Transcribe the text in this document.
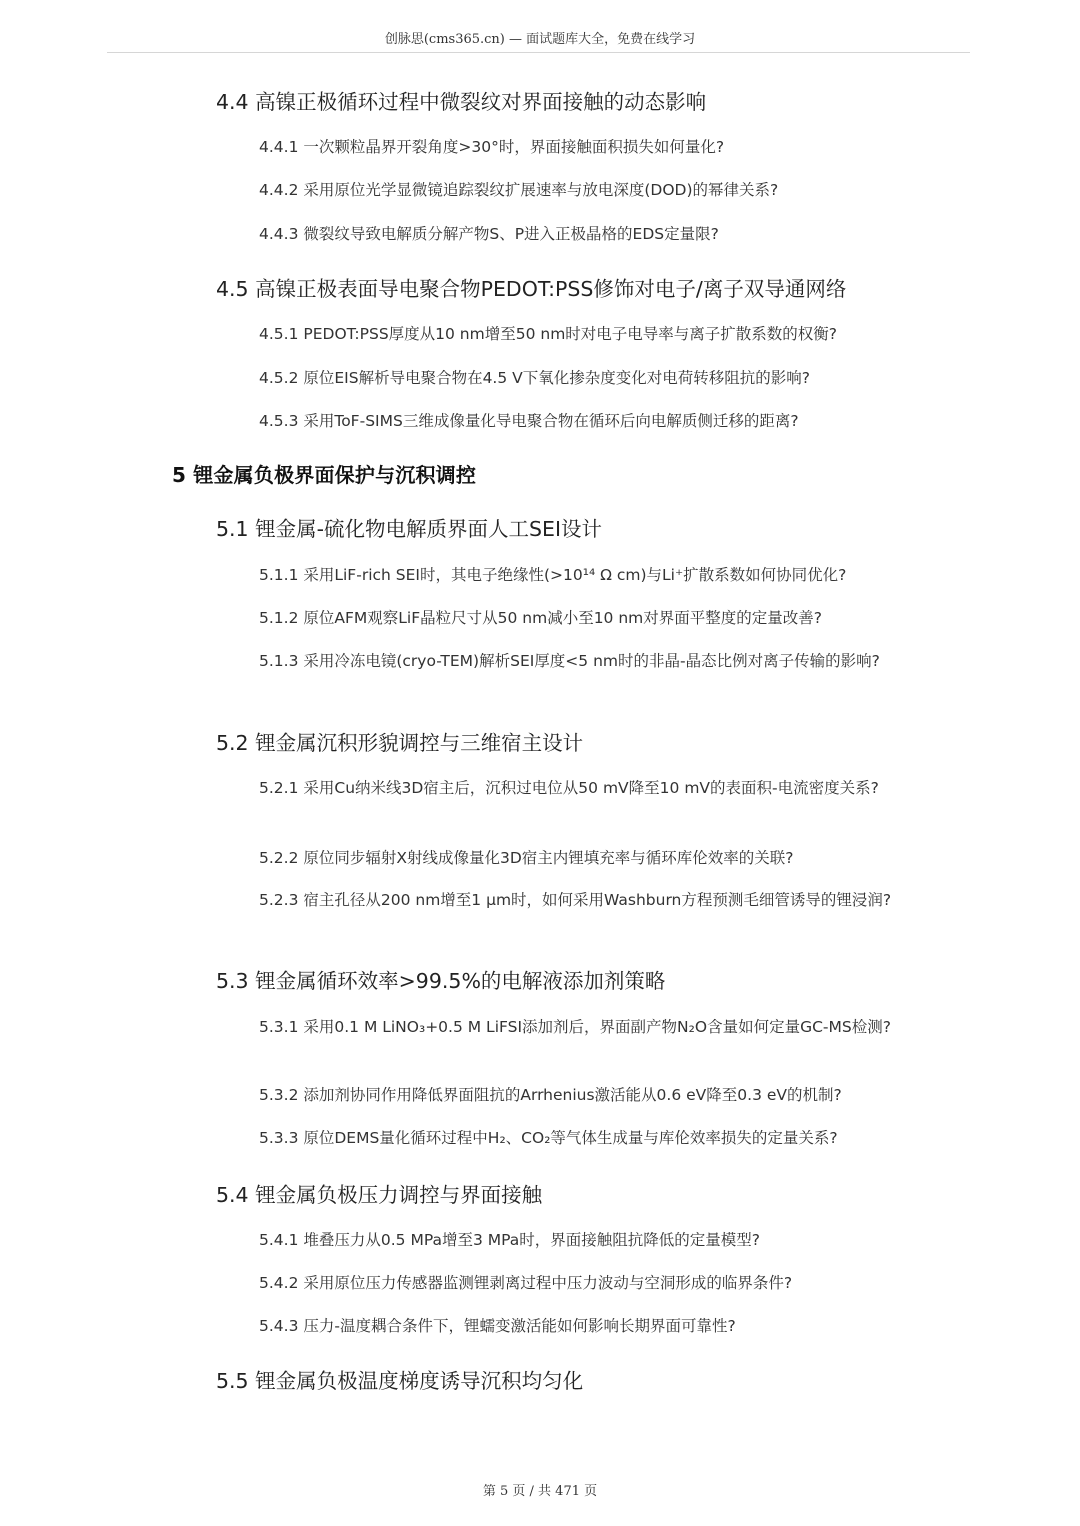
创脉思(cms365.cn) — 面试题库大全，免费在线学习
4.4 高镍正极循环过程中微裂纹对界面接触的动态影响
4.4.1 一次颗粒晶界开裂角度>30°时，界面接触面积损失如何量化?
4.4.2 采用原位光学显微镜追踪裂纹扩展速率与放电深度(DOD)的幂律关系?
4.4.3 微裂纹导致电解质分解产物S、P进入正极晶格的EDS定量限?
4.5 高镍正极表面导电聚合物PEDOT:PSS修饰对电子/离子双导通网络
4.5.1 PEDOT:PSS厚度从10 nm增至50 nm时对电子电导率与离子扩散系数的权衡?
4.5.2 原位EIS解析导电聚合物在4.5 V下氧化掺杂度变化对电荷转移阻抗的影响?
4.5.3 采用ToF-SIMS三维成像量化导电聚合物在循环后向电解质侧迁移的距离?
5 锂金属负极界面保护与沉积调控
5.1 锂金属-硫化物电解质界面人工SEI设计
5.1.1 采用LiF-rich SEI时，其电子绝缘性(>10¹⁴ Ω cm)与Li⁺扩散系数如何协同优化?
5.1.2 原位AFM观察LiF晶粒尺寸从50 nm减小至10 nm对界面平整度的定量改善?
5.1.3 采用冷冻电镜(cryo-TEM)解析SEI厚度<5 nm时的非晶-晶态比例对离子传输的影响?
5.2 锂金属沉积形貌调控与三维宿主设计
5.2.1 采用Cu纳米线3D宿主后，沉积过电位从50 mV降至10 mV的表面积-电流密度关系?
5.2.2 原位同步辐射X射线成像量化3D宿主内锂填充率与循环库伦效率的关联?
5.2.3 宿主孔径从200 nm增至1 μm时，如何采用Washburn方程预测毛细管诱导的锂浸润?
5.3 锂金属循环效率>99.5%的电解液添加剂策略
5.3.1 采用0.1 M LiNO₃+0.5 M LiFSI添加剂后，界面副产物N₂O含量如何定量GC-MS检测?
5.3.2 添加剂协同作用降低界面阻抗的Arrhenius激活能从0.6 eV降至0.3 eV的机制?
5.3.3 原位DEMS量化循环过程中H₂、CO₂等气体生成量与库伦效率损失的定量关系?
5.4 锂金属负极压力调控与界面接触
5.4.1 堆叠压力从0.5 MPa增至3 MPa时，界面接触阻抗降低的定量模型?
5.4.2 采用原位压力传感器监测锂剥离过程中压力波动与空洞形成的临界条件?
5.4.3 压力-温度耦合条件下，锂蠕变激活能如何影响长期界面可靠性?
5.5 锂金属负极温度梯度诱导沉积均匀化
第 5 页 / 共 471 页
